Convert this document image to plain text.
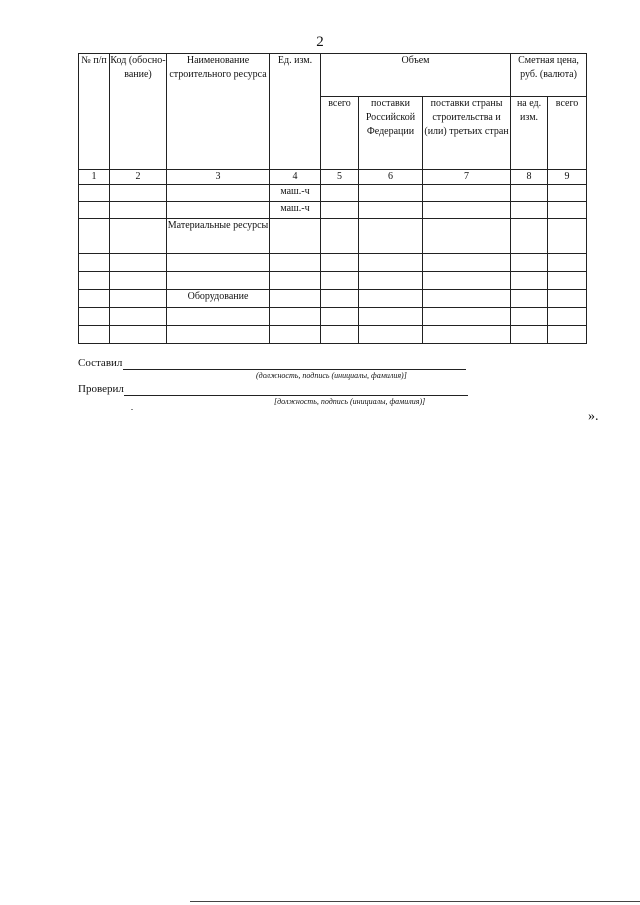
2
№ п/п	Код (обосно-вание)	Наименование строительного ресурса	Ед. изм.	Объем			Сметная цена, руб. (валюта)	
				всего	поставки Российской Федерации	поставки страны строительства и (или) третьих стран	на ед. изм.	всего
1	2	3	4	5	6	7	8	9
			маш.-ч					
			маш.-ч					
		Материальные ресурсы						

		Оборудование						

Составил
(должность, подпись (инициалы, фамилия)]
Проверил
[должность, подпись (инициалы, фамилия)]
».
